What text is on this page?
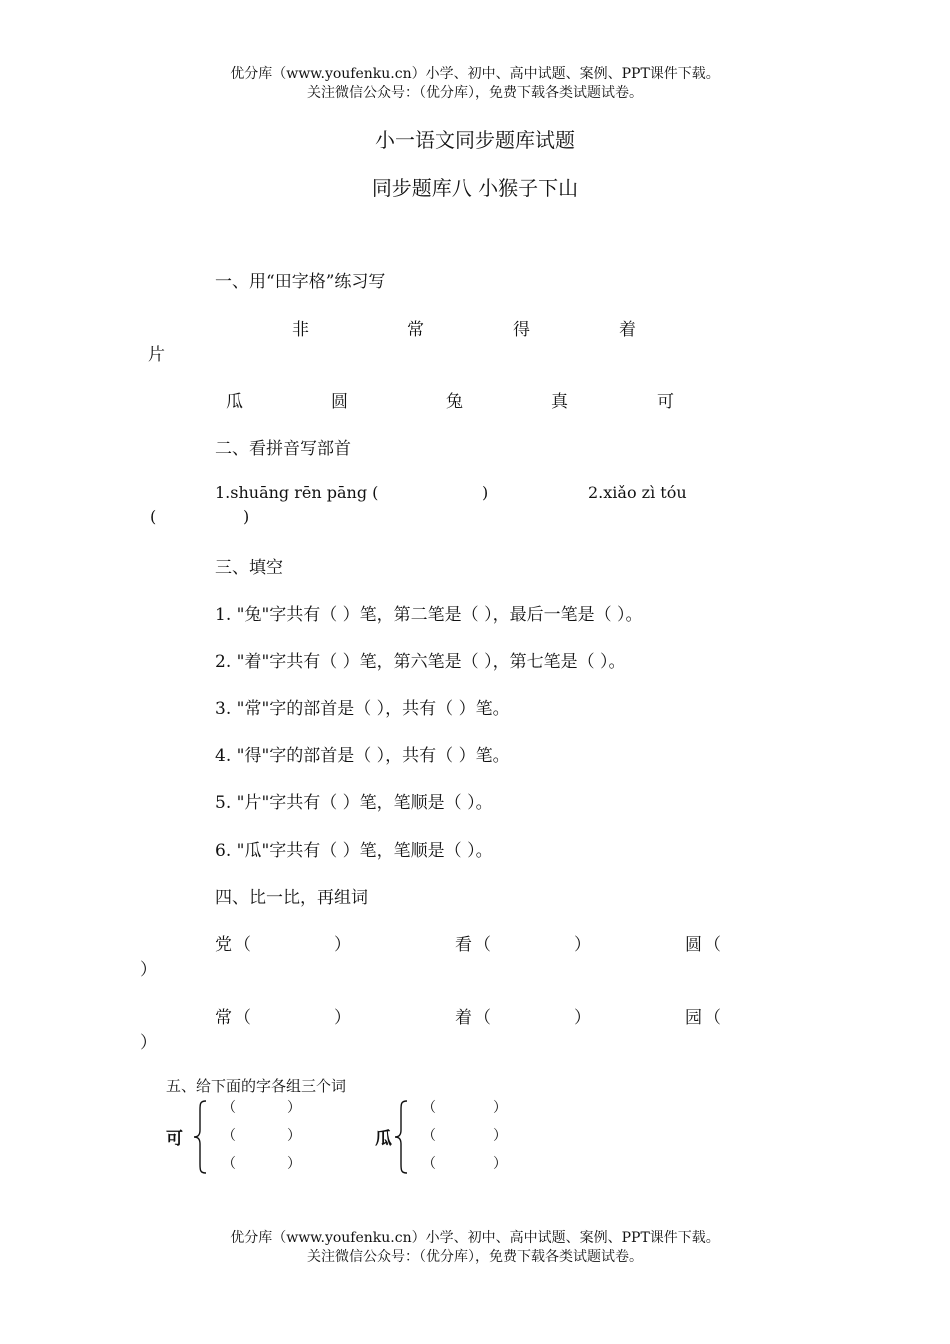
优分库（www.youfenku.cn）小学、初中、高中试题、案例、PPT课件下载。
关注微信公众号：（优分库），免费下载各类试题试卷。
小一语文同步题库试题
同步题库八 小猴子下山
一、用“田字格”练习写
非	常	得	着
片
瓜	圆	兔	真	可
二、看拼音写部首
1.shuāng rēn pāng (	)	2.xiǎo zì tóu
(	)
三、填空
1. "兔"字共有（ ）笔，第二笔是（ ），最后一笔是（ ）。
2. "着"字共有（ ）笔，第六笔是（ ），第七笔是（ ）。
3. "常"字的部首是（ ），共有（ ）笔。
4. "得"字的部首是（ ），共有（ ）笔。
5. "片"字共有（ ）笔，笔顺是（ ）。
6. "瓜"字共有（ ）笔，笔顺是（ ）。
四、比一比，再组词
党 （	）	看 （	）	圆 （
）
常 （	）	着 （	）	园 （
）
五、给下面的字各组三个词
可
（	）
（	）
（	）
瓜
（	）
（	）
（	）
优分库（www.youfenku.cn）小学、初中、高中试题、案例、PPT课件下载。
关注微信公众号：（优分库），免费下载各类试题试卷。
